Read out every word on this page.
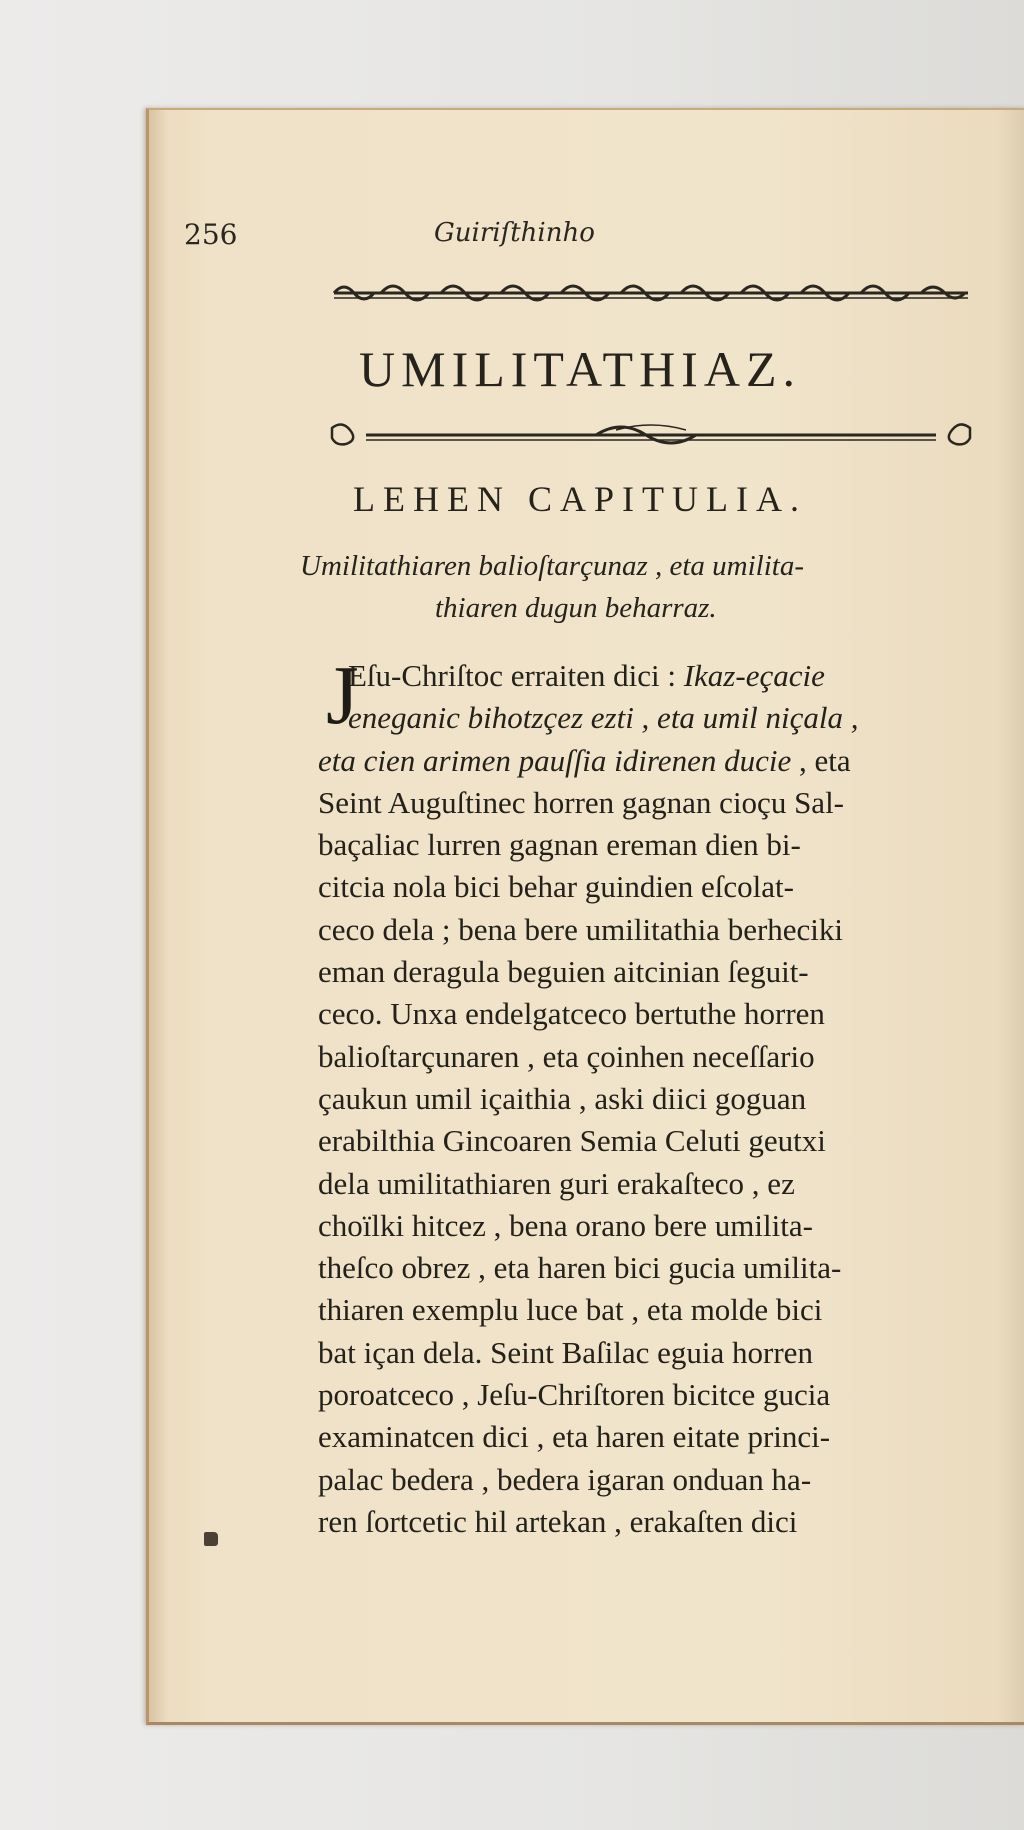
256	Guiriſthinho
UMILITATHIAZ.
LEHEN CAPITULIA.
Umilitathiaren balioſtarçunaz , eta umilita-
thiaren dugun beharraz.
J
Eſu-Chriſtoc erraiten dici : Ikaz-eçacie
eneganic bihotzçez ezti , eta umil niçala ,
eta cien arimen pauſſia idirenen ducie , eta
Seint Auguſtinec horren gagnan cioçu Sal-
baçaliac lurren gagnan ereman dien bi-
citcia nola bici behar guindien eſcolat-
ceco dela ; bena bere umilitathia berheciki
eman deragula beguien aitcinian ſeguit-
ceco. Unxa endelgatceco bertuthe horren
balioſtarçunaren , eta çoinhen neceſſario
çaukun umil içaithia , aski diici goguan
erabilthia Gincoaren Semia Celuti geutxi
dela umilitathiaren guri erakaſteco , ez
choïlki hitcez , bena orano bere umilita-
theſco obrez , eta haren bici gucia umilita-
thiaren exemplu luce bat , eta molde bici
bat içan dela. Seint Baſilac eguia horren
poroatceco , Jeſu-Chriſtoren bicitce gucia
examinatcen dici , eta haren eitate princi-
palac bedera , bedera igaran onduan ha-
ren ſortcetic hil artekan , erakaſten dici
